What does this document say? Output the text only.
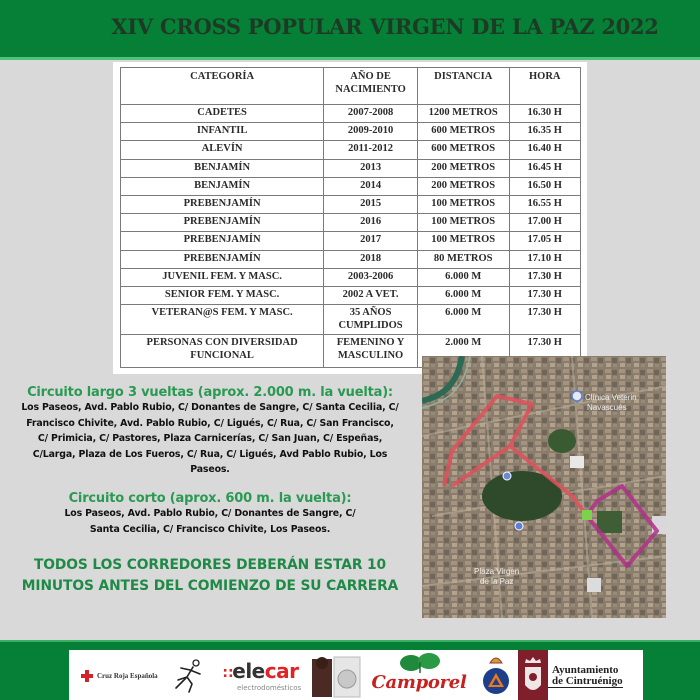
XIV CROSS POPULAR VIRGEN DE LA PAZ 2022
CATEGORÍA	AÑO DE NACIMIENTO	DISTANCIA	HORA
CADETES	2007-2008	1200 METROS	16.30 H
INFANTIL	2009-2010	600 METROS	16.35 H
ALEVÍN	2011-2012	600 METROS	16.40 H
BENJAMÍN	2013	200 METROS	16.45 H
BENJAMÍN	2014	200 METROS	16.50 H
PREBENJAMÍN	2015	100 METROS	16.55 H
PREBENJAMÍN	2016	100 METROS	17.00 H
PREBENJAMÍN	2017	100 METROS	17.05 H
PREBENJAMÍN	2018	80 METROS	17.10 H
JUVENIL FEM. Y MASC.	2003-2006	6.000 M	17.30 H
SENIOR FEM. Y MASC.	2002 A VET.	6.000 M	17.30 H
VETERAN@S FEM. Y MASC.	35 AÑOS CUMPLIDOS	6.000 M	17.30 H
PERSONAS CON DIVERSIDAD FUNCIONAL	FEMENINO Y MASCULINO	2.000 M	17.30 H
Circuito largo 3 vueltas (aprox. 2.000 m. la vuelta):
Los Paseos, Avd. Pablo Rubio, C/ Donantes de Sangre, C/ Santa Cecilia, C/ Francisco Chivite, Avd. Pablo Rubio, C/ Ligués, C/ Rua, C/ San Francisco, C/ Primicia, C/ Pastores, Plaza Carnicerías, C/ San Juan, C/ Espeñas, C/Larga, Plaza de Los Fueros, C/ Rua, C/ Ligués, Avd Pablo Rubio, Los Paseos.
Circuito corto (aprox. 600 m. la vuelta):
Los Paseos, Avd. Pablo Rubio, C/ Donantes de Sangre, C/ Santa Cecilia, C/ Francisco Chivite, Los Paseos.
TODOS LOS CORREDORES DEBERÁN ESTAR 10 MINUTOS ANTES DEL COMIENZO DE SU CARRERA
Clínica Veterin
Navascués
Plaza Virgen
de la Paz
Cruz Roja Española	∷elecar
electrodomésticos	Camporel
Ayuntamiento
de Cintruénigo
